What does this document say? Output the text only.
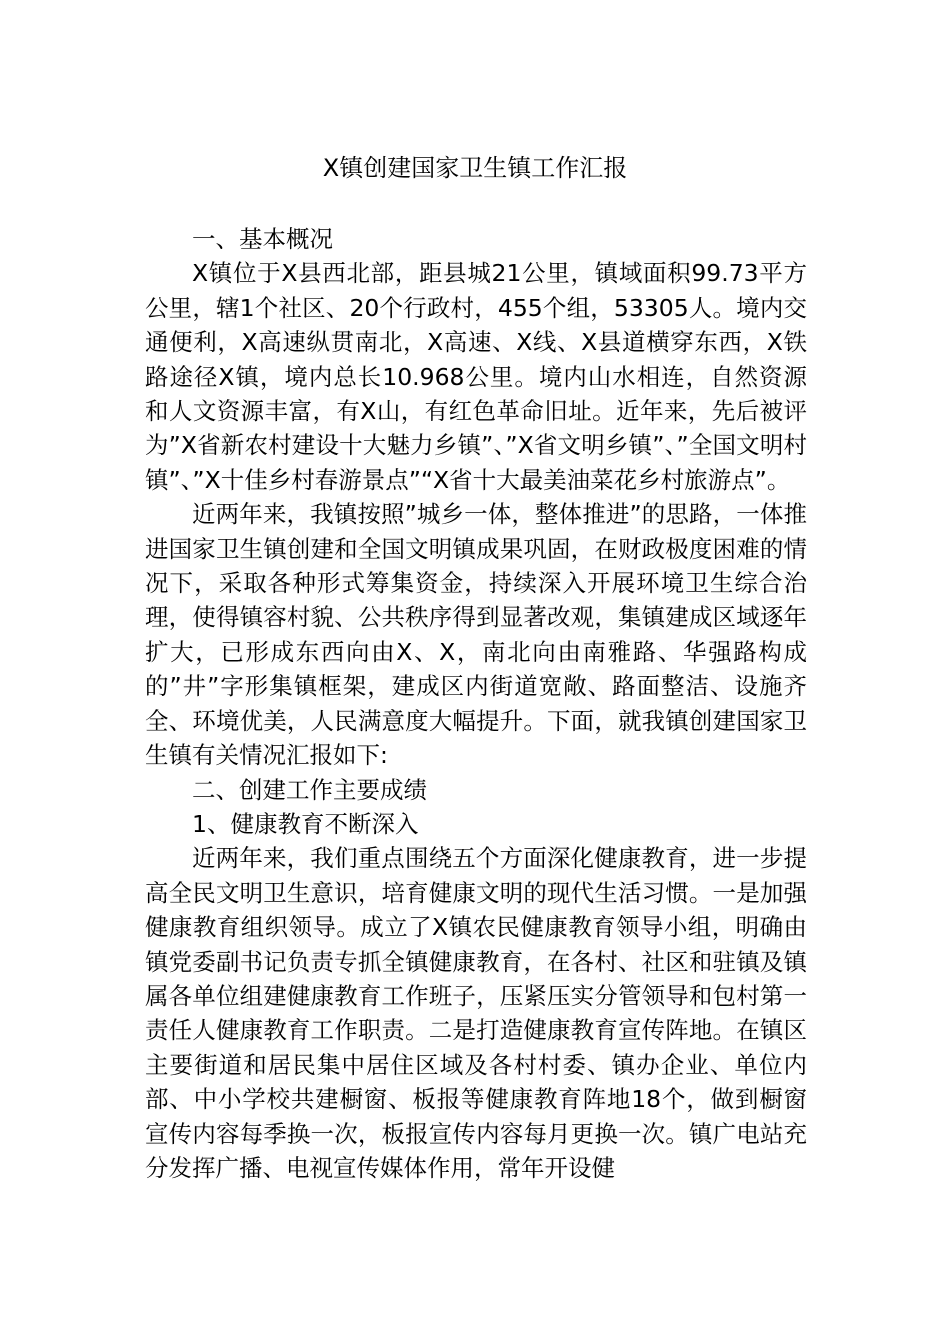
X镇创建国家卫生镇工作汇报

一、基本概况

X镇位于X县西北部，距县城21公里，镇域面积99.73平方公里，辖1个社区、20个行政村，455个组，53305人。境内交通便利，X高速纵贯南北，X高速、X线、X县道横穿东西，X铁路途径X镇，境内总长10.968公里。境内山水相连，自然资源和人文资源丰富，有X山，有红色革命旧址。近年来，先后被评为”X省新农村建设十大魅力乡镇”、”X省文明乡镇”、”全国文明村镇”、”X十佳乡村春游景点”“X省十大最美油菜花乡村旅游点”。

近两年来，我镇按照”城乡一体，整体推进”的思路，一体推进国家卫生镇创建和全国文明镇成果巩固，在财政极度困难的情况下，采取各种形式筹集资金，持续深入开展环境卫生综合治理，使得镇容村貌、公共秩序得到显著改观，集镇建成区域逐年扩大，已形成东西向由X、X，南北向由南雅路、华强路构成的”井”字形集镇框架，建成区内街道宽敞、路面整洁、设施齐全、环境优美，人民满意度大幅提升。下面，就我镇创建国家卫生镇有关情况汇报如下:

二、创建工作主要成绩

1、健康教育不断深入

近两年来，我们重点围绕五个方面深化健康教育，进一步提高全民文明卫生意识，培育健康文明的现代生活习惯。一是加强健康教育组织领导。成立了X镇农民健康教育领导小组，明确由镇党委副书记负责专抓全镇健康教育，在各村、社区和驻镇及镇属各单位组建健康教育工作班子，压紧压实分管领导和包村第一责任人健康教育工作职责。二是打造健康教育宣传阵地。在镇区主要街道和居民集中居住区域及各村村委、镇办企业、单位内部、中小学校共建橱窗、板报等健康教育阵地18个，做到橱窗宣传内容每季换一次，板报宣传内容每月更换一次。镇广电站充分发挥广播、电视宣传媒体作用，常年开设健
